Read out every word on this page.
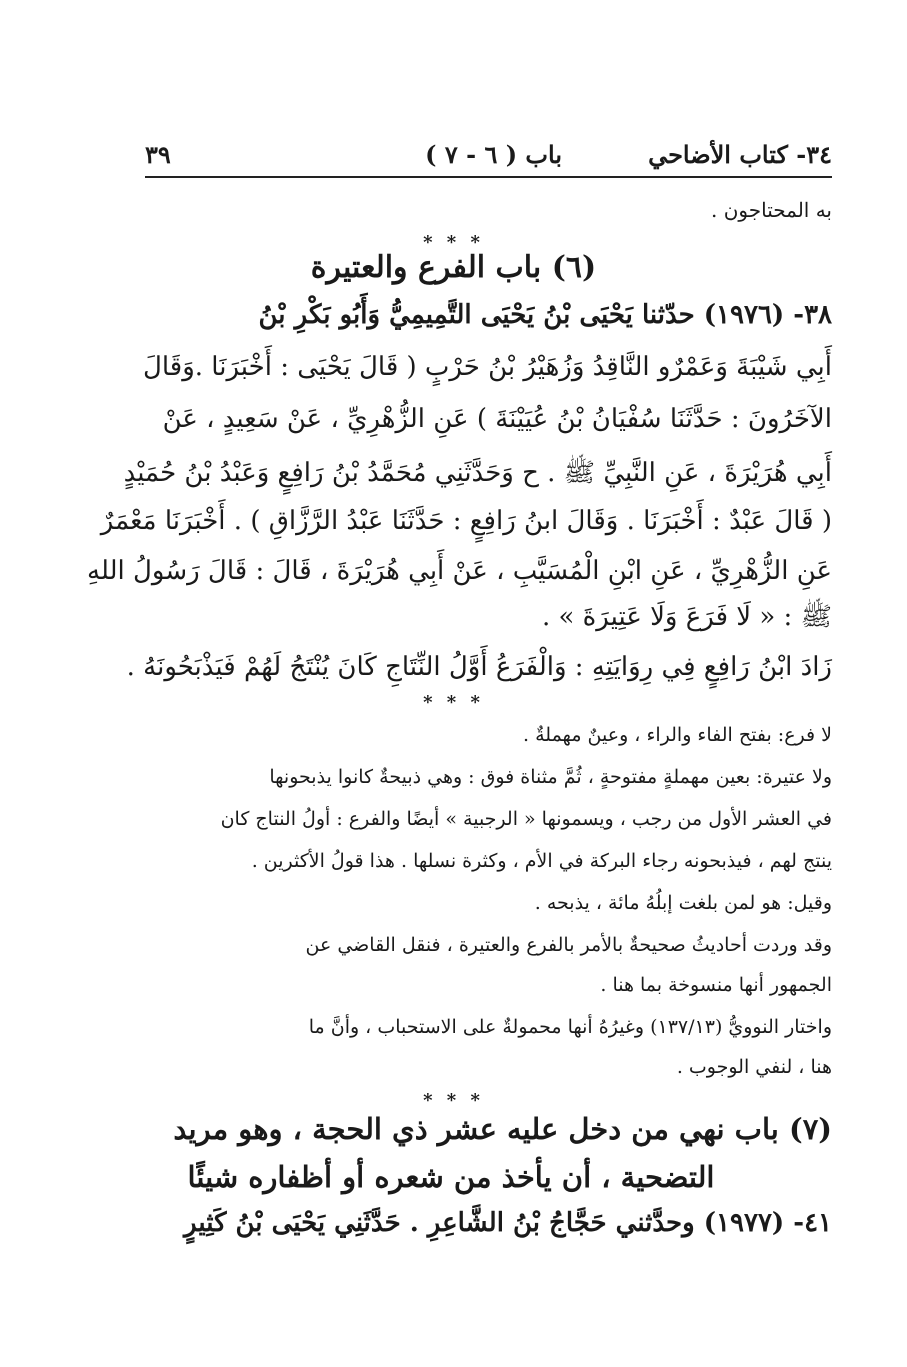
٣٤- كتاب الأضاحي
باب ( ٦ - ٧ )
٣٩
به المحتاجون .
* * *
(٦) باب الفرع والعتيرة
٣٨- (١٩٧٦) حدّثنا يَحْيَى بْنُ يَحْيَى التَّمِيمِيُّ وَأَبُو بَكْرِ بْنُ
أَبِي شَيْبَةَ وَعَمْرٌو النَّاقِدُ وَزُهَيْرُ بْنُ حَرْبٍ ( قَالَ يَحْيَى : أَخْبَرَنَا .وَقَالَ
الآخَرُونَ : حَدَّثَنَا سُفْيَانُ بْنُ عُيَيْنَةَ ) عَنِ الزُّهْرِيِّ ، عَنْ سَعِيدٍ ، عَنْ
أَبِي هُرَيْرَةَ ، عَنِ النَّبِيِّ ﷺ . ح وَحَدَّثَنِي مُحَمَّدُ بْنُ رَافِعٍ وَعَبْدُ بْنُ حُمَيْدٍ
( قَالَ عَبْدٌ : أَخْبَرَنَا . وَقَالَ ابنُ رَافِعٍ : حَدَّثَنَا عَبْدُ الرَّزَّاقِ ) . أَخْبَرَنَا مَعْمَرٌ
عَنِ الزُّهْرِيِّ ، عَنِ ابْنِ الْمُسَيَّبِ ، عَنْ أَبِي هُرَيْرَةَ ، قَالَ : قَالَ رَسُولُ اللهِ
ﷺ : « لَا فَرَعَ وَلَا عَتِيرَةَ » .
زَادَ ابْنُ رَافِعٍ فِي رِوَايَتِهِ : وَالْفَرَعُ أَوَّلُ النِّتَاجِ كَانَ يُنْتَجُ لَهُمْ فَيَذْبَحُونَهُ .
* * *
لا فرع: بفتح الفاء والراء ، وعينٌ مهملةٌ .
ولا عتيرة: بعين مهملةٍ مفتوحةٍ ، ثُمَّ مثناة فوق : وهي ذبيحةٌ كانوا يذبحونها
في العشر الأول من رجب ، ويسمونها « الرجبية » أيضًا والفرع : أولُ النتاج كان
ينتج لهم ، فيذبحونه رجاء البركة في الأم ، وكثرة نسلها . هذا قولُ الأكثرين .
وقيل: هو لمن بلغت إبلُهُ مائة ، يذبحه .
وقد وردت أحاديثُ صحيحةٌ بالأمر بالفرع والعتيرة ، فنقل القاضي عن
الجمهور أنها منسوخة بما هنا .
واختار النوويُّ (١٣٧/١٣) وغيرُهُ أنها محمولةٌ على الاستحباب ، وأنَّ ما
هنا ، لنفي الوجوب .
* * *
(٧) باب نهي من دخل عليه عشر ذي الحجة ، وهو مريد
التضحية ، أن يأخذ من شعره أو أظفاره شيئًا
٤١- (١٩٧٧) وحدَّثني حَجَّاجُ بْنُ الشَّاعِرِ . حَدَّثَنِي يَحْيَى بْنُ كَثِيرٍ
